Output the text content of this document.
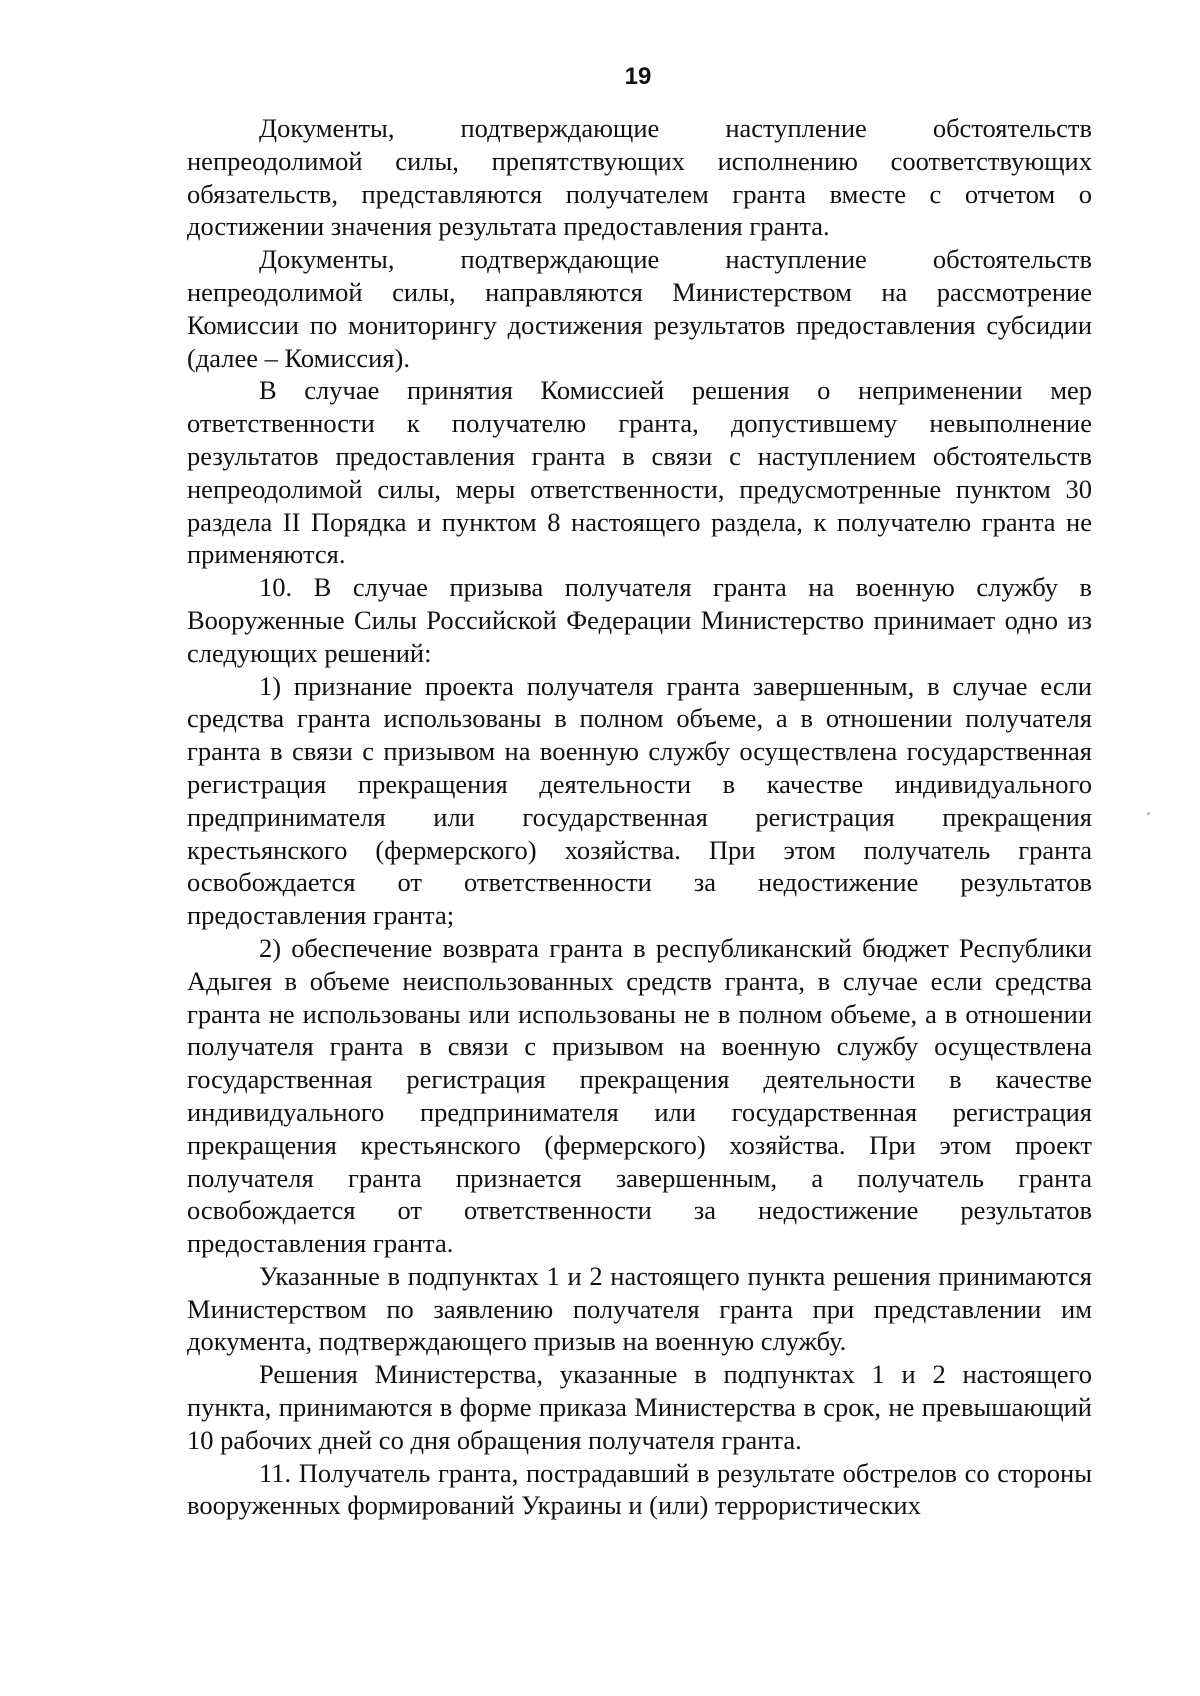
19

Документы, подтверждающие наступление обстоятельств непреодолимой силы, препятствующих исполнению соответствующих обязательств, представляются получателем гранта вместе с отчетом о достижении значения результата предоставления гранта.

Документы, подтверждающие наступление обстоятельств непреодолимой силы, направляются Министерством на рассмотрение Комиссии по мониторингу достижения результатов предоставления субсидии (далее – Комиссия).

В случае принятия Комиссией решения о неприменении мер ответственности к получателю гранта, допустившему невыполнение результатов предоставления гранта в связи с наступлением обстоятельств непреодолимой силы, меры ответственности, предусмотренные пунктом 30 раздела II Порядка и пунктом 8 настоящего раздела, к получателю гранта не применяются.

10. В случае призыва получателя гранта на военную службу в Вооруженные Силы Российской Федерации Министерство принимает одно из следующих решений:

1) признание проекта получателя гранта завершенным, в случае если средства гранта использованы в полном объеме, а в отношении получателя гранта в связи с призывом на военную службу осуществлена государственная регистрация прекращения деятельности в качестве индивидуального предпринимателя или государственная регистрация прекращения крестьянского (фермерского) хозяйства. При этом получатель гранта освобождается от ответственности за недостижение результатов предоставления гранта;

2) обеспечение возврата гранта в республиканский бюджет Республики Адыгея в объеме неиспользованных средств гранта, в случае если средства гранта не использованы или использованы не в полном объеме, а в отношении получателя гранта в связи с призывом на военную службу осуществлена государственная регистрация прекращения деятельности в качестве индивидуального предпринимателя или государственная регистрация прекращения крестьянского (фермерского) хозяйства. При этом проект получателя гранта признается завершенным, а получатель гранта освобождается от ответственности за недостижение результатов предоставления гранта.

Указанные в подпунктах 1 и 2 настоящего пункта решения принимаются Министерством по заявлению получателя гранта при представлении им документа, подтверждающего призыв на военную службу.

Решения Министерства, указанные в подпунктах 1 и 2 настоящего пункта, принимаются в форме приказа Министерства в срок, не превышающий 10 рабочих дней со дня обращения получателя гранта.

11. Получатель гранта, пострадавший в результате обстрелов со стороны вооруженных формирований Украины и (или) террористических
